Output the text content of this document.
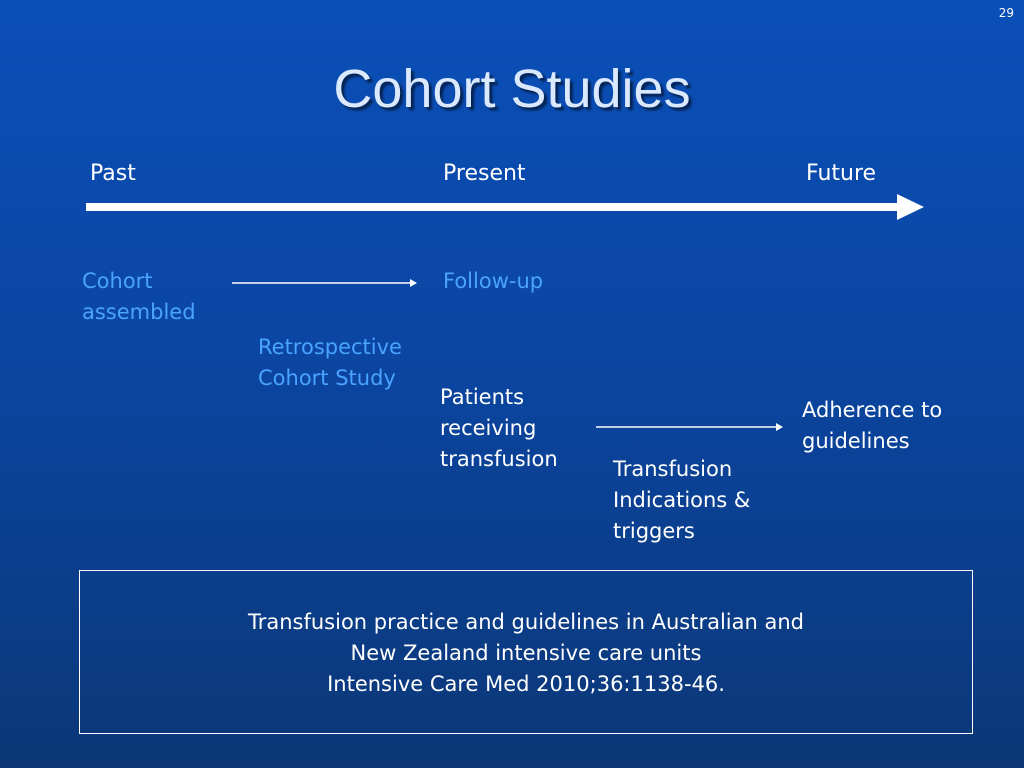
29
Cohort Studies
Past	Present	Future
Cohort
assembled
Follow-up
Retrospective
Cohort Study
Patients
receiving
transfusion
Adherence to
guidelines
Transfusion
Indications &
triggers
Transfusion practice and guidelines in Australian and
New Zealand intensive care units
Intensive Care Med 2010;36:1138-46.
